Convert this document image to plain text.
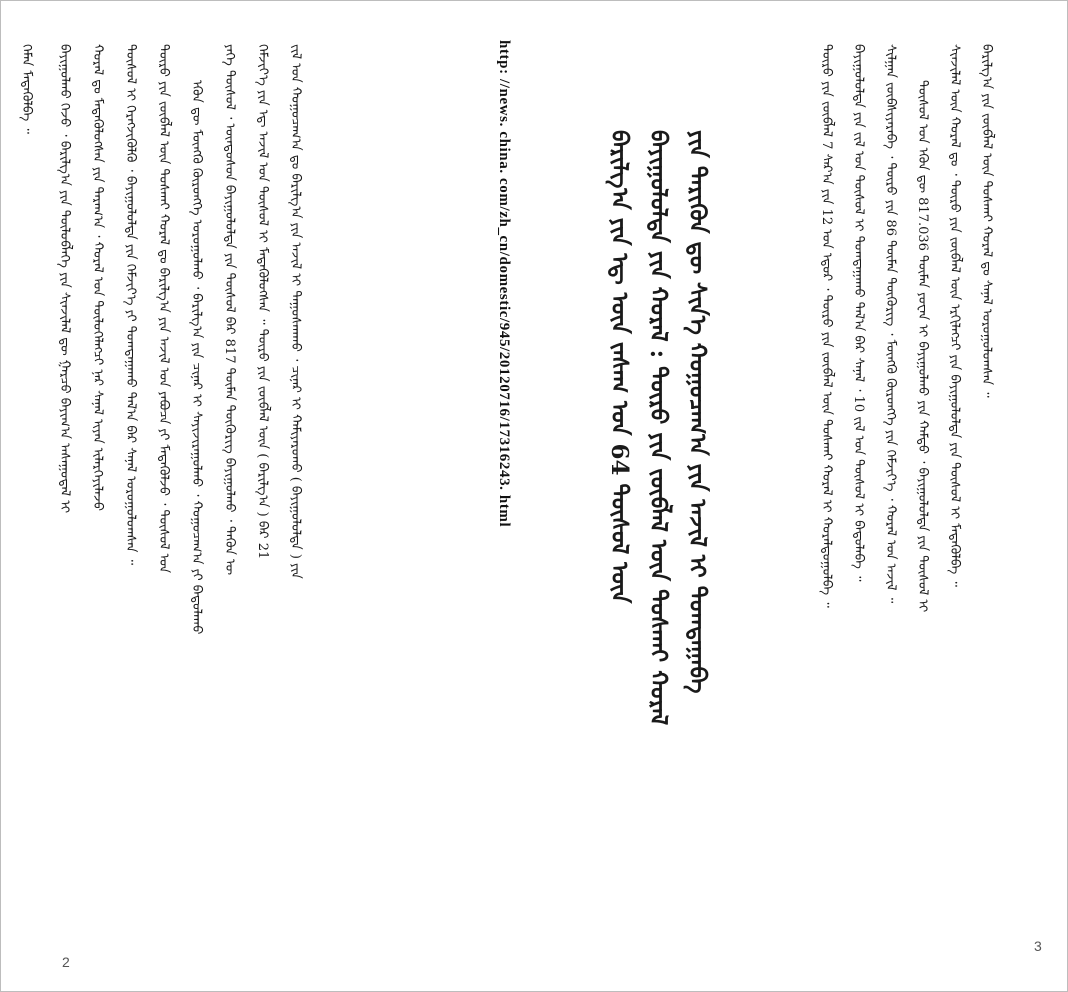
ᠬᠡᠮᠡᠨ ᠮᠡᠳᠡᠭᠦᠯᠪᠡ ᠃ ᠪᠠᠶᠢᠭᠤᠯᠬᠤ ᠭᠡᠵᠦ ᠂ ᠪᠠᠷᠢᠯᠭ᠎ᠠ ᠶᠢᠨ ᠲᠥᠯᠥᠪᠯᠡᠭᠡ ᠶᠢᠨ ᠰᠢᠨᠵᠢᠯᠡᠯ ᠳᠦ ᠭᠠᠷᠴᠤ ᠪᠠᠶᠢᠭ᠎ᠠ ᠠᠰᠠᠭᠤᠳᠠᠯ ᠢ ᠬᠤᠷᠠᠯ ᠳᠤ ᠮᠡᠳᠡᠭᠦᠯᠦᠭᠰᠡᠨ ᠶᠢᠨ ᠳᠠᠷᠠᠭ᠎ᠠ ᠂ ᠬᠤᠷᠠᠯ ᠤᠨ ᠲᠥᠯᠥᠭᠡᠯᠡᠭᠴᠢ ᠨᠠᠷ ᠰᠠᠨᠠᠯ ᠢᠶᠠᠨ ᠢᠯᠡᠷᠬᠡᠶᠢᠯᠡᠵᠦ ᠲᠥᠰᠥᠯ ᠢ ᠬᠡᠷᠡᠭᠵᠢᠭᠦᠯᠬᠦ ᠂ ᠪᠠᠶᠢᠭᠤᠯᠤᠯᠲᠠ ᠶᠢᠨ ᠬᠡᠮᠵᠢᠶ᠎ᠡ ᠶᠢ ᠲᠣᠭᠲᠠᠭᠠᠬᠤ ᠲᠠᠯ᠎ᠠ ᠪᠠᠷ ᠰᠠᠨᠠᠯ ᠣᠷᠣᠭᠤᠯᠤᠭᠰᠠᠨ ᠃ ᠲᠥᠷᠦ ᠶᠢᠨ ᠵᠥᠪᠯᠡᠯ ᠦᠨ ᠲᠤᠰᠬᠠᠢ ᠬᠤᠷᠠᠯ ᠳᠤ ᠪᠠᠷᠢᠯᠭ᠎ᠠ ᠶᠢᠨ ᠠᠵᠢᠯ ᠤᠨ ᠶᠠᠪᠤᠴᠠ ᠶᠢ ᠮᠡᠳᠡᠭᠦᠯᠵᠦ ᠂ ᠲᠥᠰᠥᠯ ᠤᠨ ᠡᠭᠦᠨ ᠳᠦ ᠮᠥᠩᠭᠦ ᠬᠥᠷᠥᠩᠭᠡ ᠣᠷᠣᠭᠤᠯᠬᠤ ᠂ ᠪᠠᠷᠢᠯᠭ᠎ᠠ ᠶᠢᠨ ᠴᠢᠨᠠᠷ ᠢ ᠰᠠᠶᠢᠵᠢᠷᠠᠭᠤᠯᠬᠤ ᠂ ᠬᠤᠭᠤᠴᠠᠭ᠎ᠠ ᠶᠢ ᠪᠠᠲᠤᠯᠠᠬᠤ ᠶᠡᠬᠡ ᠲᠥᠰᠥᠯ ᠂ ᠦᠨᠳᠦᠰᠦᠨ ᠪᠠᠶᠢᠭᠤᠯᠤᠯᠲᠠ ᠶᠢᠨ ᠲᠥᠰᠥᠯ ᠪᠠᠷ 817 ᠲᠦᠮᠡᠨ ᠲᠥᠭᠦᠷᠢᠭ ᠪᠠᠶᠢᠭᠤᠯᠬᠤ ᠂ ᠲᠡᠭᠦᠨ ᠦ ᠬᠡᠮᠵᠢᠶ᠎ᠡ ᠶᠢᠨ ᠡᠳ᠋ ᠠᠵᠢᠯ ᠤᠨ ᠲᠥᠰᠥᠯ ᠢ ᠮᠡᠳᠡᠭᠦᠯᠦᠭᠰᠡᠨ ᠃ ᠲᠥᠷᠦ ᠶᠢᠨ ᠵᠥᠪᠯᠡᠯ ᠦᠨ ( ᠪᠠᠷᠢᠯᠭ᠎ᠠ ) ᠪᠠᠷ 21 ᠵᠢᠯ ᠤᠨ ᠬᠤᠭᠤᠴᠠᠭ᠎ᠠ ᠳᠤ ᠪᠠᠷᠢᠯᠭ᠎ᠠ ᠶᠢᠨ ᠠᠵᠢᠯ ᠢ ᠳᠠᠭᠤᠰᠬᠠᠬᠤ ᠂ ᠴᠢᠨᠠᠷ ᠢ ᠬᠠᠮᠢᠶᠠᠷᠤᠬᠤ ( ᠪᠠᠶᠢᠭᠤᠯᠤᠯᠲᠠ ) ᠶᠢᠨ	http: //news. china. com/zh_cn/domestic/945/20120716/17316243. html
2
ᠪᠠᠷᠢᠯᠭ᠎ᠠ ᠶᠢᠨ ᠡᠳ᠋ ᠦᠨ ᠵᠠᠰᠠᠭ ᠤᠨ 64 ᠲᠥᠰᠥᠯ ᠦᠨ ᠪᠠᠶᠢᠭᠤᠯᠤᠯᠲᠠ ᠶᠢᠨ ᠬᠤᠷᠠᠯ : ᠲᠥᠷᠦ ᠶᠢᠨ ᠵᠥᠪᠯᠡᠯ ᠦᠨ ᠲᠤᠰᠬᠠᠢ ᠬᠤᠷᠠᠯ ᠶᠢᠨ ᠲᠡᠷᠢᠭᠦᠨ ᠳᠦ ᠰᠢᠨ᠎ᠡ ᠬᠤᠭᠤᠴᠠᠭ᠎ᠠ ᠶᠢᠨ ᠠᠵᠢᠯ ᠢ ᠲᠣᠭᠲᠠᠭᠠᠪᠠ	ᠲᠥᠷᠦ ᠶᠢᠨ ᠵᠥᠪᠯᠡᠯ 7 ᠰᠠᠷ᠎ᠠ ᠶᠢᠨ 12 ᠤᠨ ᠡᠳᠦᠷ ᠂ ᠲᠥᠷᠦ ᠶᠢᠨ ᠵᠥᠪᠯᠡᠯ ᠦᠨ ᠲᠤᠰᠬᠠᠢ ᠬᠤᠷᠠᠯ ᠢ ᠬᠤᠷᠠᠯᠳᠤᠭᠤᠯᠪᠠ ᠃ ᠪᠠᠶᠢᠭᠤᠯᠤᠯᠲᠠ ᠶᠢᠨ ᠵᠢᠯ ᠤᠨ ᠲᠥᠰᠥᠯ ᠢ ᠲᠣᠭᠲᠠᠭᠠᠬᠤ ᠲᠠᠯ᠎ᠠ ᠪᠠᠷ ᠰᠠᠨᠠᠯ ᠂ 10 ᠵᠢᠯ ᠤᠨ ᠲᠥᠰᠥᠯ ᠢ ᠪᠠᠲᠤᠯᠠᠪᠠ ᠃ ᠰᠢᠯᠭᠠᠨ ᠵᠥᠪᠰᠢᠶᠡᠷᠡᠪᠡ ᠂ ᠲᠥᠷᠦ ᠶᠢᠨ 86 ᠲᠦᠮᠡᠨ ᠲᠥᠭᠦᠷᠢᠭ ᠂ ᠮᠥᠩᠭᠦ ᠬᠥᠷᠥᠩᠭᠡ ᠶᠢᠨ ᠬᠡᠮᠵᠢᠶ᠎ᠡ ᠂ ᠬᠤᠷᠠᠯ ᠤᠨ ᠠᠵᠢᠯ ᠃ ᠲᠥᠰᠥᠯ ᠤᠨ ᠡᠭᠦᠨ ᠳᠦ 817.036 ᠲᠦᠮᠡᠨ ᠶᠤᠸᠠᠨ ᠢ ᠪᠠᠶᠢᠭᠤᠯᠬᠤ ᠶᠢᠨ ᠬᠠᠮᠲᠤ ᠂ ᠪᠠᠶᠢᠭᠤᠯᠤᠯᠲᠠ ᠶᠢᠨ ᠲᠥᠰᠥᠯ ᠢ ᠰᠢᠨᠵᠢᠯᠡᠯ ᠦᠨ ᠬᠤᠷᠠᠯ ᠳᠤ ᠂ ᠲᠥᠷᠦ ᠶᠢᠨ ᠵᠥᠪᠯᠡᠯ ᠦᠨ ᠡᠷᠬᠢᠯᠡᠭᠴᠢ ᠶᠢᠨ ᠪᠠᠶᠢᠭᠤᠯᠤᠯᠲᠠ ᠶᠢᠨ ᠲᠥᠰᠥᠯ ᠢ ᠮᠡᠳᠡᠭᠦᠯᠪᠡ ᠃ ᠪᠠᠷᠢᠯᠭ᠎ᠠ ᠶᠢᠨ ᠵᠥᠪᠯᠡᠯ ᠦᠨ ᠲᠤᠰᠬᠠᠢ ᠬᠤᠷᠠᠯ ᠳᠤ ᠰᠠᠨᠠᠯ ᠣᠷᠣᠭᠤᠯᠤᠭᠰᠠᠨ ᠃
3
